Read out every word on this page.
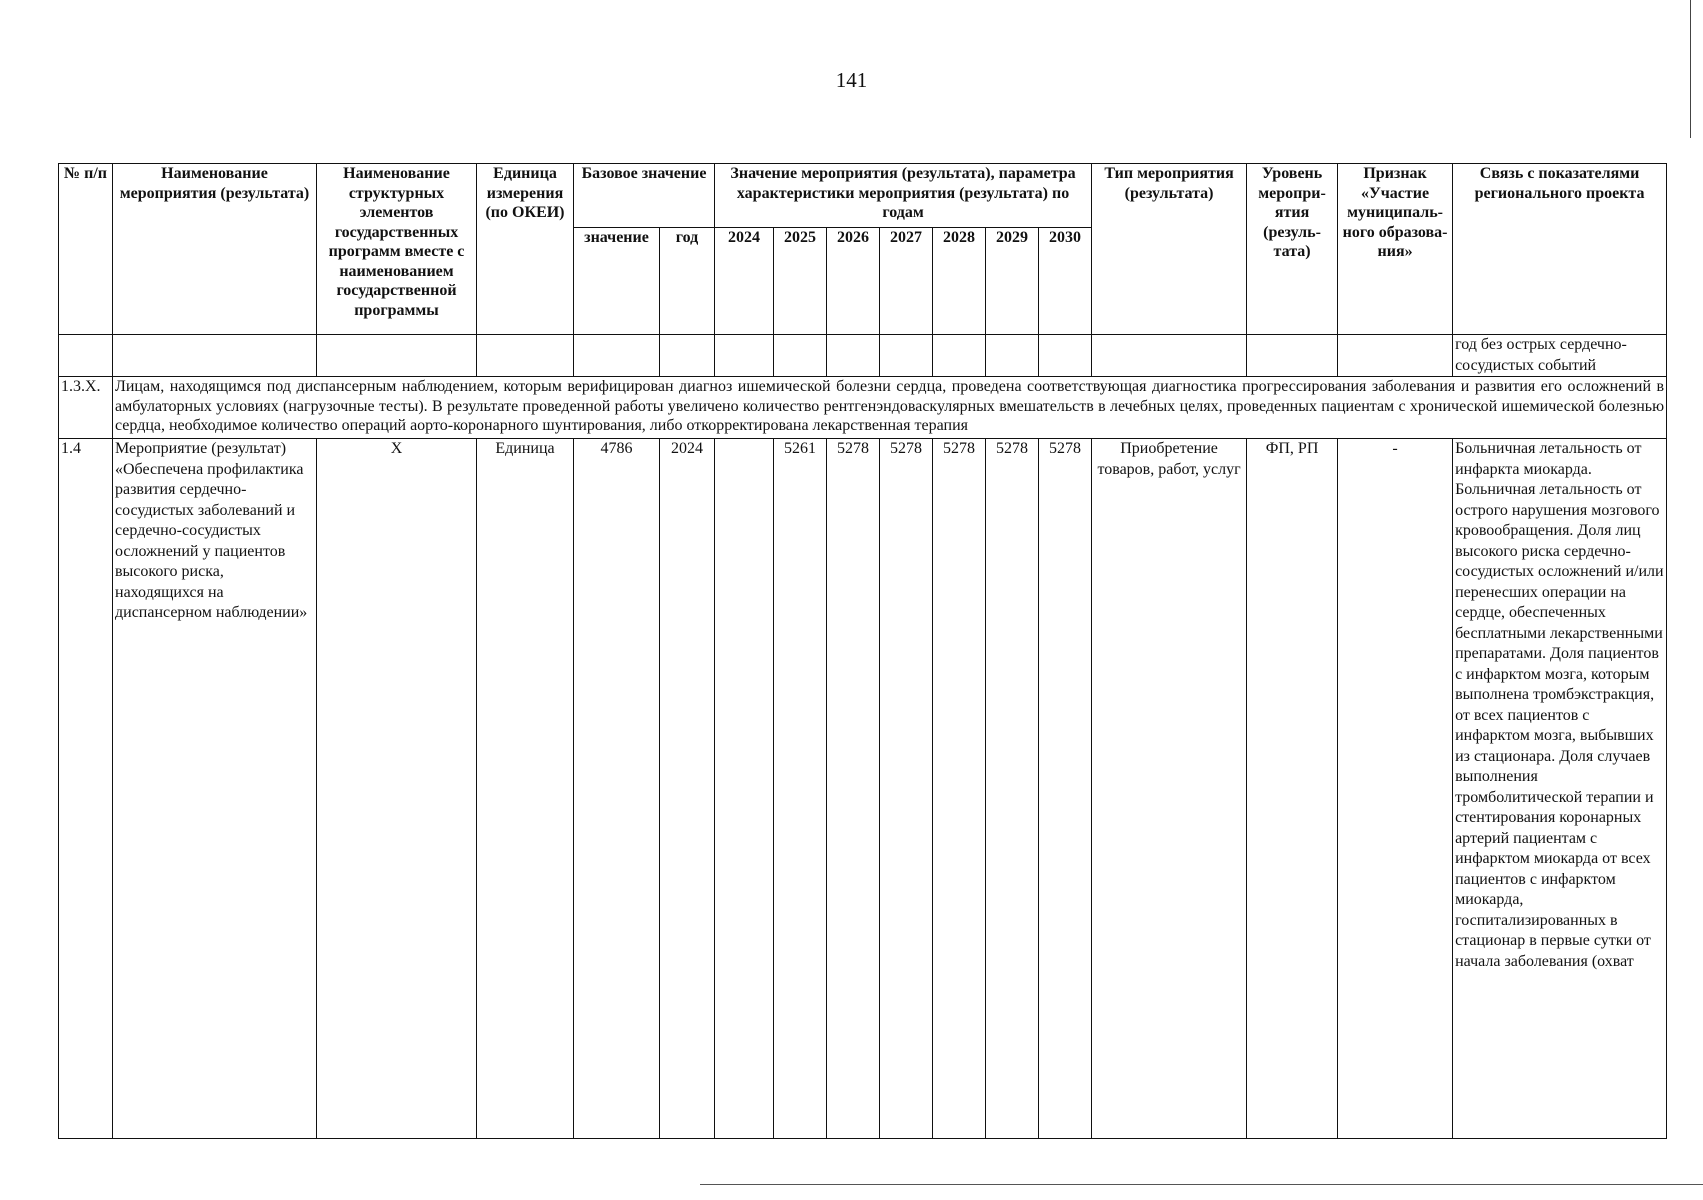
141
№ п/п	Наименование мероприятия (результата)	Наименование структурных элементов государственных программ вместе с наименованием государственной программы	Единица измерения (по ОКЕИ)	Базовое значение		Значение мероприятия (результата), параметра характеристики мероприятия (результата) по годам							Тип мероприятия (результата)	Уровень меропри-ятия (резуль-тата)	Признак «Участие муниципаль-ного образова-ния»	Связь с показателями регионального проекта
				значение	год	2024	2025	2026	2027	2028	2029	2030				
																год без острых сердечно-сосудистых событий
1.3.X.	Лицам, находящимся под диспансерным наблюдением, которым верифицирован диагноз ишемической болезни сердца, проведена соответствующая диагностика прогрессирования заболевания и развития его осложнений в амбулаторных условиях (нагрузочные тесты). В результате проведенной работы увеличено количество рентгенэндоваскулярных вмешательств в лечебных целях, проведенных пациентам с хронической ишемической болезнью сердца, необходимое количество операций аорто-коронарного шунтирования, либо откорректирована лекарственная терапия															
1.4	Мероприятие (результат) «Обеспечена профилактика развития сердечно-сосудистых заболеваний и сердечно-сосудистых осложнений у пациентов высокого риска, находящихся на диспансерном наблюдении»	Х	Единица	4786	2024		5261	5278	5278	5278	5278	5278	Приобретение товаров, работ, услуг	ФП, РП	-	Больничная летальность от инфаркта миокарда. Больничная летальность от острого нарушения мозгового кровообращения. Доля лиц высокого риска сердечно-сосудистых осложнений и/или перенесших операции на сердце, обеспеченных бесплатными лекарственными препаратами. Доля пациентов с инфарктом мозга, которым выполнена тромбэкстракция, от всех пациентов с инфарктом мозга, выбывших из стационара. Доля случаев выполнения тромболитической терапии и стентирования коронарных артерий пациентам с инфарктом миокарда от всех пациентов с инфарктом миокарда, госпитализированных в стационар в первые сутки от начала заболевания (охват
